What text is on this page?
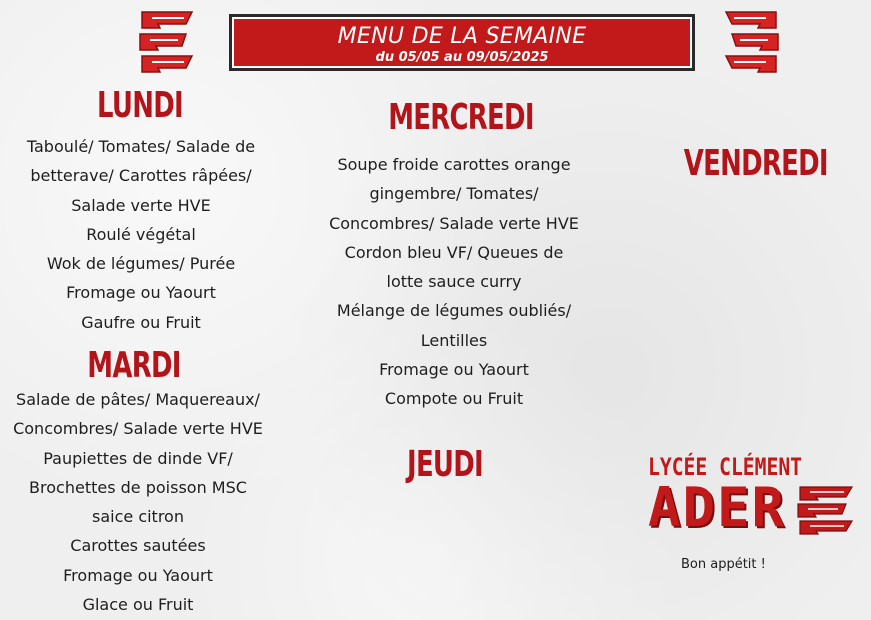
MENU DE LA SEMAINE
du 05/05 au 09/05/2025
LUNDI
Taboulé/ Tomates/ Salade de
betterave/ Carottes râpées/
Salade verte HVE
Roulé végétal
Wok de légumes/ Purée
Fromage ou Yaourt
Gaufre ou Fruit
MARDI
Salade de pâtes/ Maquereaux/
Concombres/ Salade verte HVE
Paupiettes de dinde VF/
Brochettes de poisson MSC
saice citron
Carottes sautées
Fromage ou Yaourt
Glace ou Fruit
MERCREDI
Soupe froide carottes orange
gingembre/ Tomates/
Concombres/ Salade verte HVE
Cordon bleu VF/ Queues de
lotte sauce curry
Mélange de légumes oubliés/
Lentilles
Fromage ou Yaourt
Compote ou Fruit
JEUDI
VENDREDI
LYCÉE CLÉMENT
ADER
Bon appétit !
